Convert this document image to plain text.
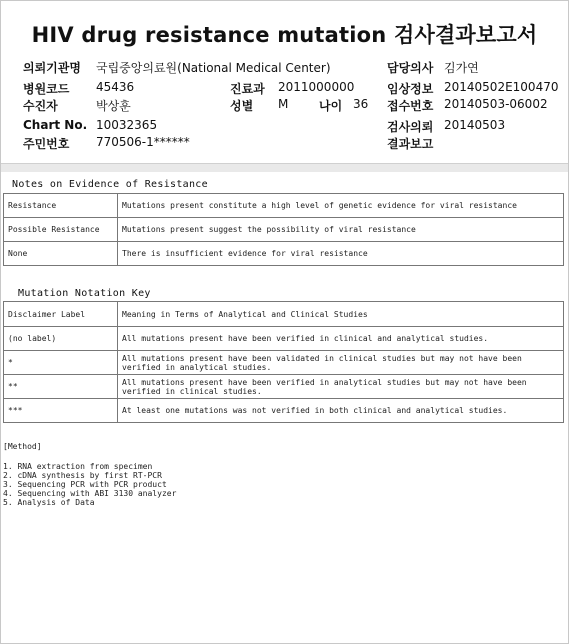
HIV drug resistance mutation 검사결과보고서
의뢰기관명 국립중앙의료원(National Medical Center)	담당의사 김가연
병원코드 45436	진료과 2011000000	임상정보 20140502E100470
수진자	박상훈	성별 M	나이 36 접수번호 20140503-06002
Chart No. 10032365	검사의뢰 20140503
주민번호 770506-1******	결과보고
Notes on Evidence of Resistance
Resistance	Mutations present constitute a high level of genetic evidence for viral resistance
Possible Resistance	Mutations present suggest the possibility of viral resistance
None	There is insufficient evidence for viral resistance
Mutation Notation Key
Disclaimer Label	Meaning in Terms of Analytical and Clinical Studies
(no label)	All mutations present have been verified in clinical and analytical studies.
*	All mutations present have been validated in clinical studies but may not have been verified in analytical studies.
**	All mutations present have been verified in analytical studies but may not have been verified in clinical studies.
***	At least one mutations was not verified in both clinical and analytical studies.
[Method]
1. RNA extraction from specimen
2. cDNA synthesis by first RT-PCR
3. Sequencing PCR with PCR product
4. Sequencing with ABI 3130 analyzer
5. Analysis of Data
